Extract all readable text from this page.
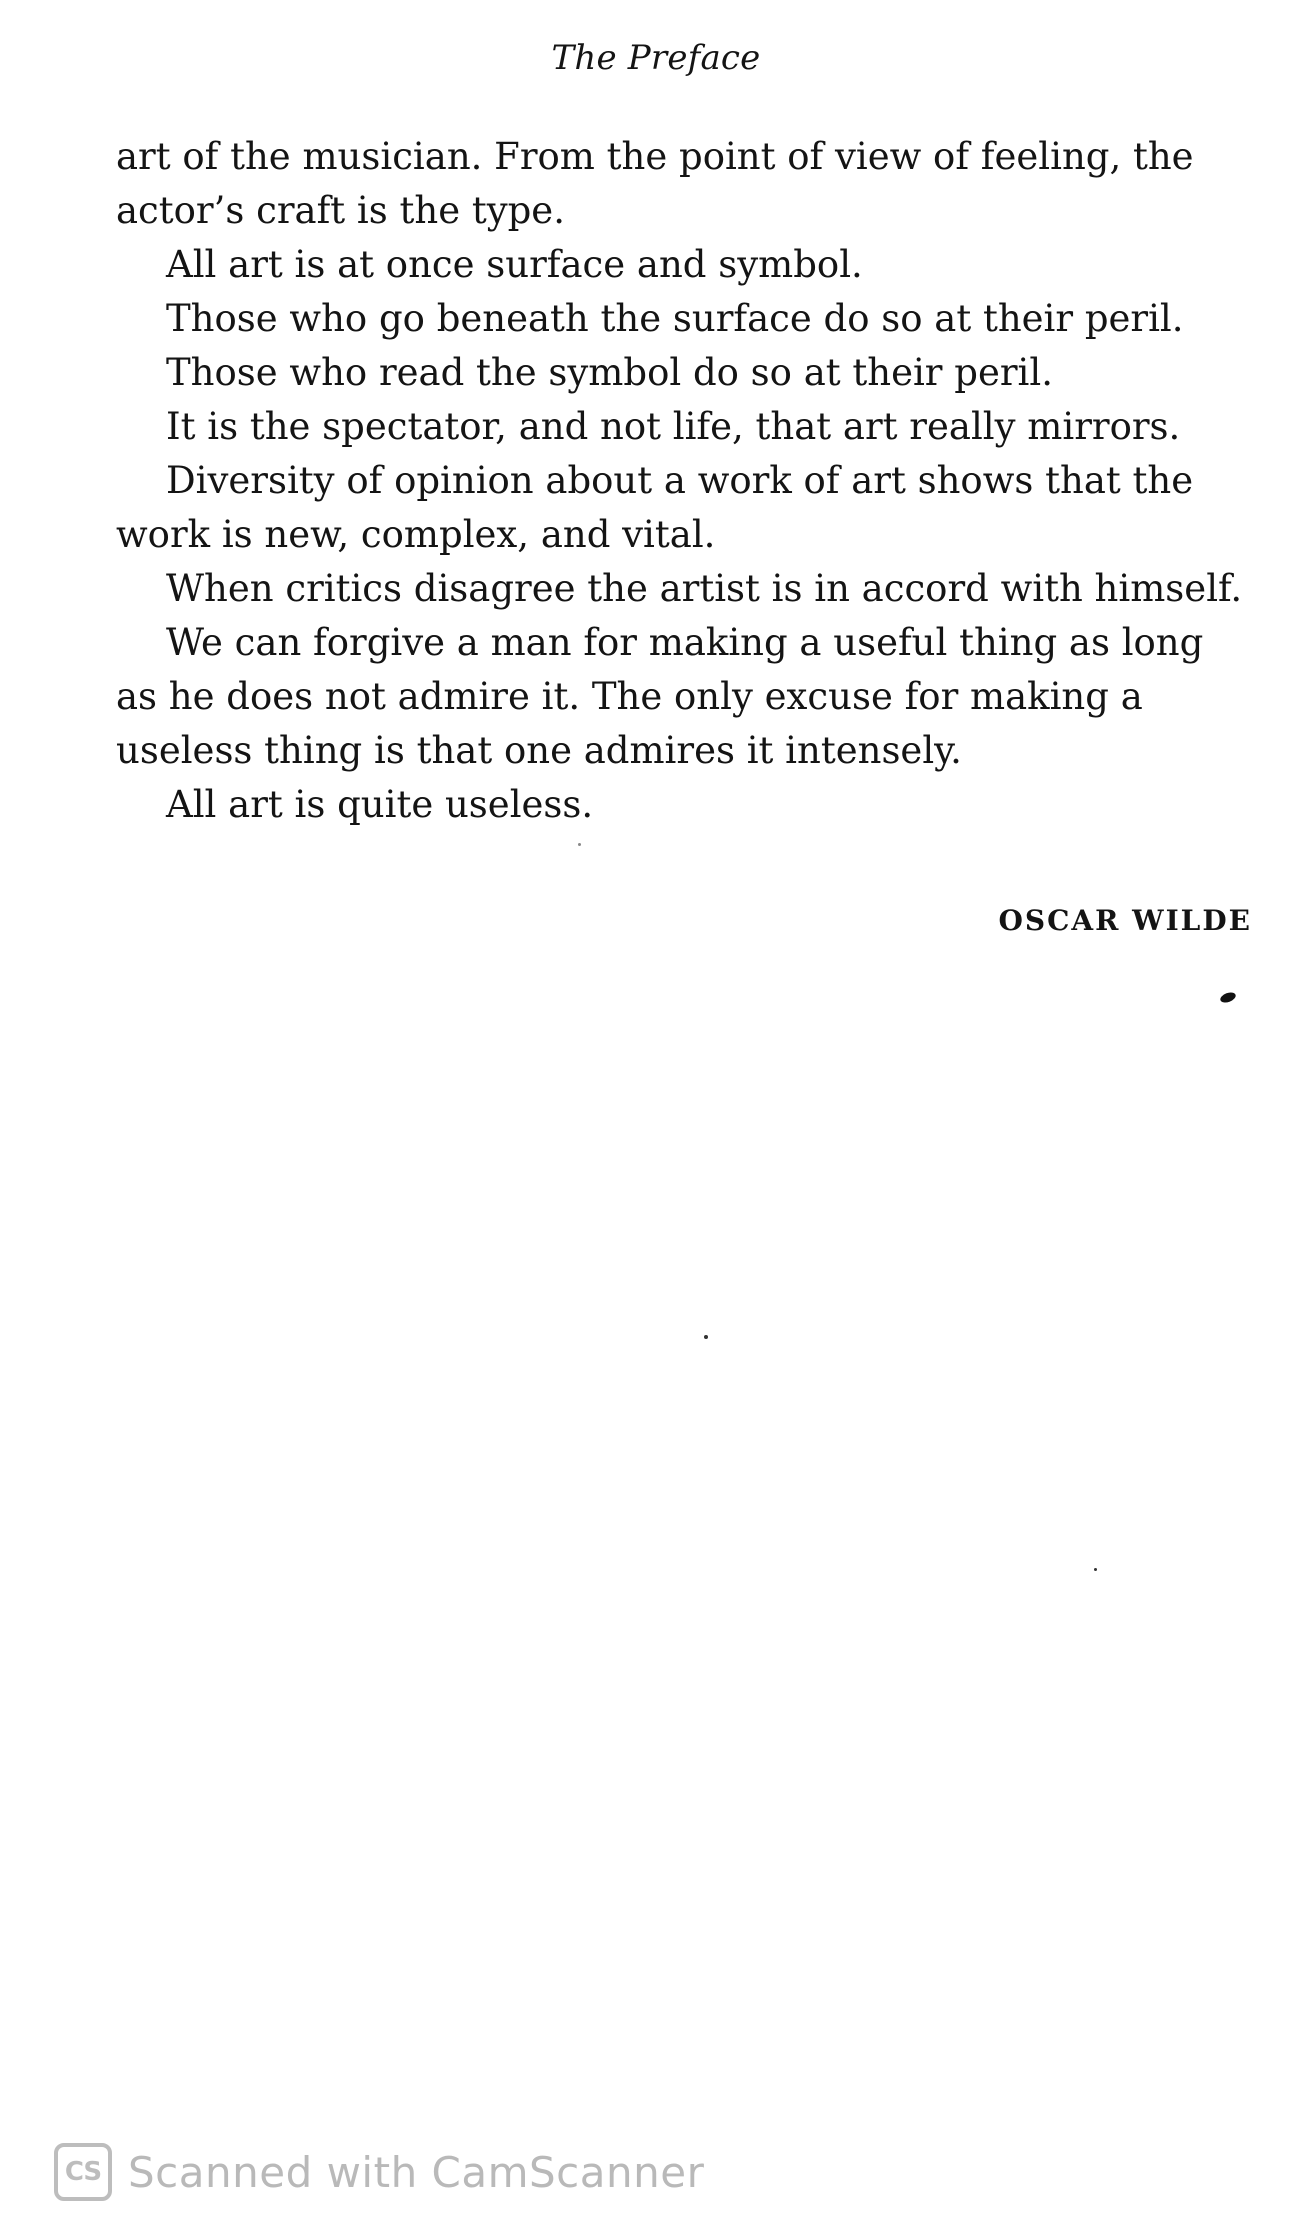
The Preface

art of the musician. From the point of view of feeling, the actor’s craft is the type.

All art is at once surface and symbol.

Those who go beneath the surface do so at their peril.

Those who read the symbol do so at their peril.

It is the spectator, and not life, that art really mirrors.

Diversity of opinion about a work of art shows that the work is new, complex, and vital.

When critics disagree the artist is in accord with himself.

We can forgive a man for making a useful thing as long as he does not admire it. The only excuse for making a useless thing is that one admires it intensely.

All art is quite useless.

OSCAR WILDE
CS Scanned with CamScanner
